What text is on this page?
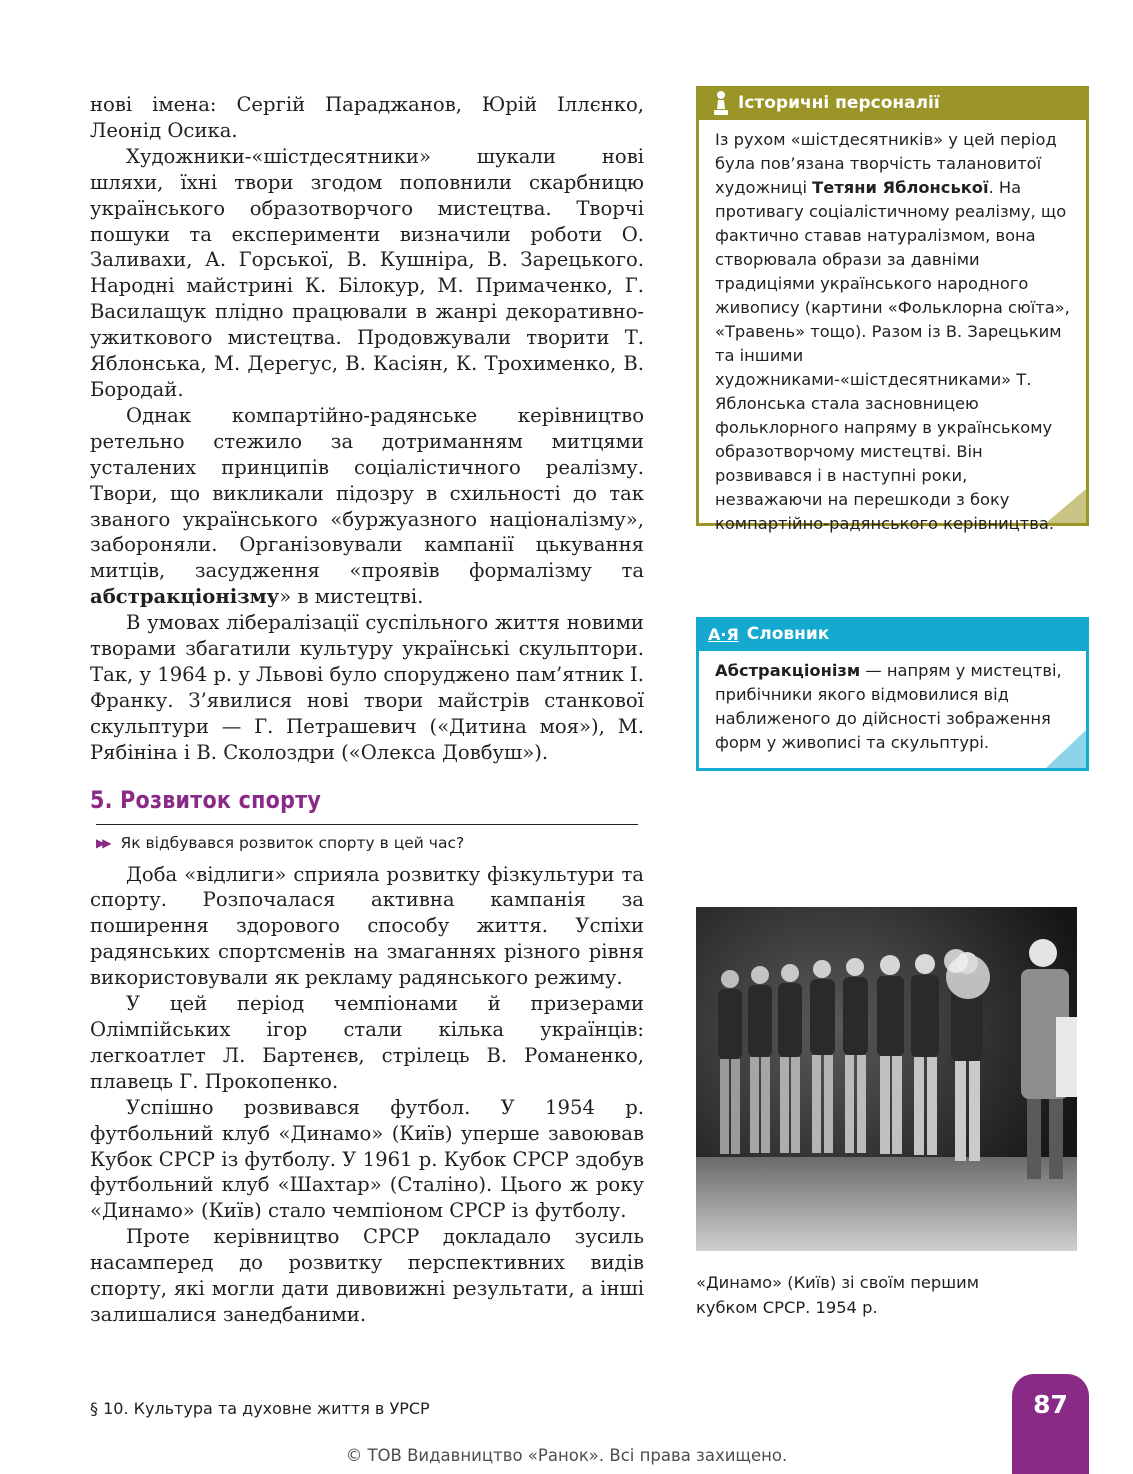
нові імена: Сергій Параджанов, Юрій Іллєнко, Леонід Осика.

Художники-«шістдесятники» шукали нові шляхи, їхні твори згодом поповнили скарбницю українського образотворчого мистецтва. Творчі пошуки та експерименти визначили роботи О. Заливахи, А. Горської, В. Кушніра, В. Зарецького. Народні майстрині К. Білокур, М. Примаченко, Г. Василащук плідно працювали в жанрі декоративно-ужиткового мистецтва. Продовжували творити Т. Яблонська, М. Дерегус, В. Касіян, К. Трохименко, В. Бородай.

Однак компартійно-радянське керівництво ретельно стежило за дотриманням митцями усталених принципів соціалістичного реалізму. Твори, що викликали підозру в схильності до так званого українського «буржуазного націоналізму», забороняли. Організовували кампанії цькування митців, засудження «проявів формалізму та абстракціонізму» в мистецтві.

В умовах лібералізації суспільного життя новими творами збагатили культуру українські скульптори. Так, у 1964 р. у Львові було споруджено пам’ятник І. Франку. З’явилися нові твори майстрів станкової скульптури — Г. Петрашевич («Дитина моя»), М. Рябініна і В. Сколоздри («Олекса Довбуш»).

5. Розвиток спорту
▶▶ Як відбувався розвиток спорту в цей час?

Доба «відлиги» сприяла розвитку фізкультури та спорту. Розпочалася активна кампанія за поширення здорового способу життя. Успіхи радянських спортсменів на змаганнях різного рівня використовували як рекламу радянського режиму.

У цей період чемпіонами й призерами Олімпійських ігор стали кілька українців: легкоатлет Л. Бартенєв, стрілець В. Романенко, плавець Г. Прокопенко.

Успішно розвивався футбол. У 1954 р. футбольний клуб «Динамо» (Київ) уперше завоював Кубок СРСР із футболу. У 1961 р. Кубок СРСР здобув футбольний клуб «Шахтар» (Сталіно). Цього ж року «Динамо» (Київ) стало чемпіоном СРСР із футболу.

Проте керівництво СРСР докладало зусиль насамперед до розвитку перспективних видів спорту, які могли дати дивовижні результати, а інші залишалися занедбаними.

Історичні персоналії
Із рухом «шістдесятників» у цей період була пов’язана творчість талановитої художниці Тетяни Яблонської. На противагу соціалістичному реалізму, що фактично ставав натуралізмом, вона створювала образи за давніми традиціями українського народного живопису (картини «Фольклорна сюїта», «Травень» тощо). Разом із В. Зарецьким та іншими художниками-«шістдесятниками» Т. Яблонська стала засновницею фольклорного напряму в українському образотворчому мистецтві. Він розвивався і в наступні роки, незважаючи на перешкоди з боку компартійно-радянського керівництва.
А·Я Словник
Абстракціонізм — напрям у мистецтві, прибічники якого відмовилися від наближеного до дійсності зображення форм у живописі та скульптурі.
«Динамо» (Київ) зі своїм першим кубком СРСР. 1954 р.
§ 10. Культура та духовне життя в УРСР	87
© ТОВ Видавництво «Ранок». Всі права захищено.
